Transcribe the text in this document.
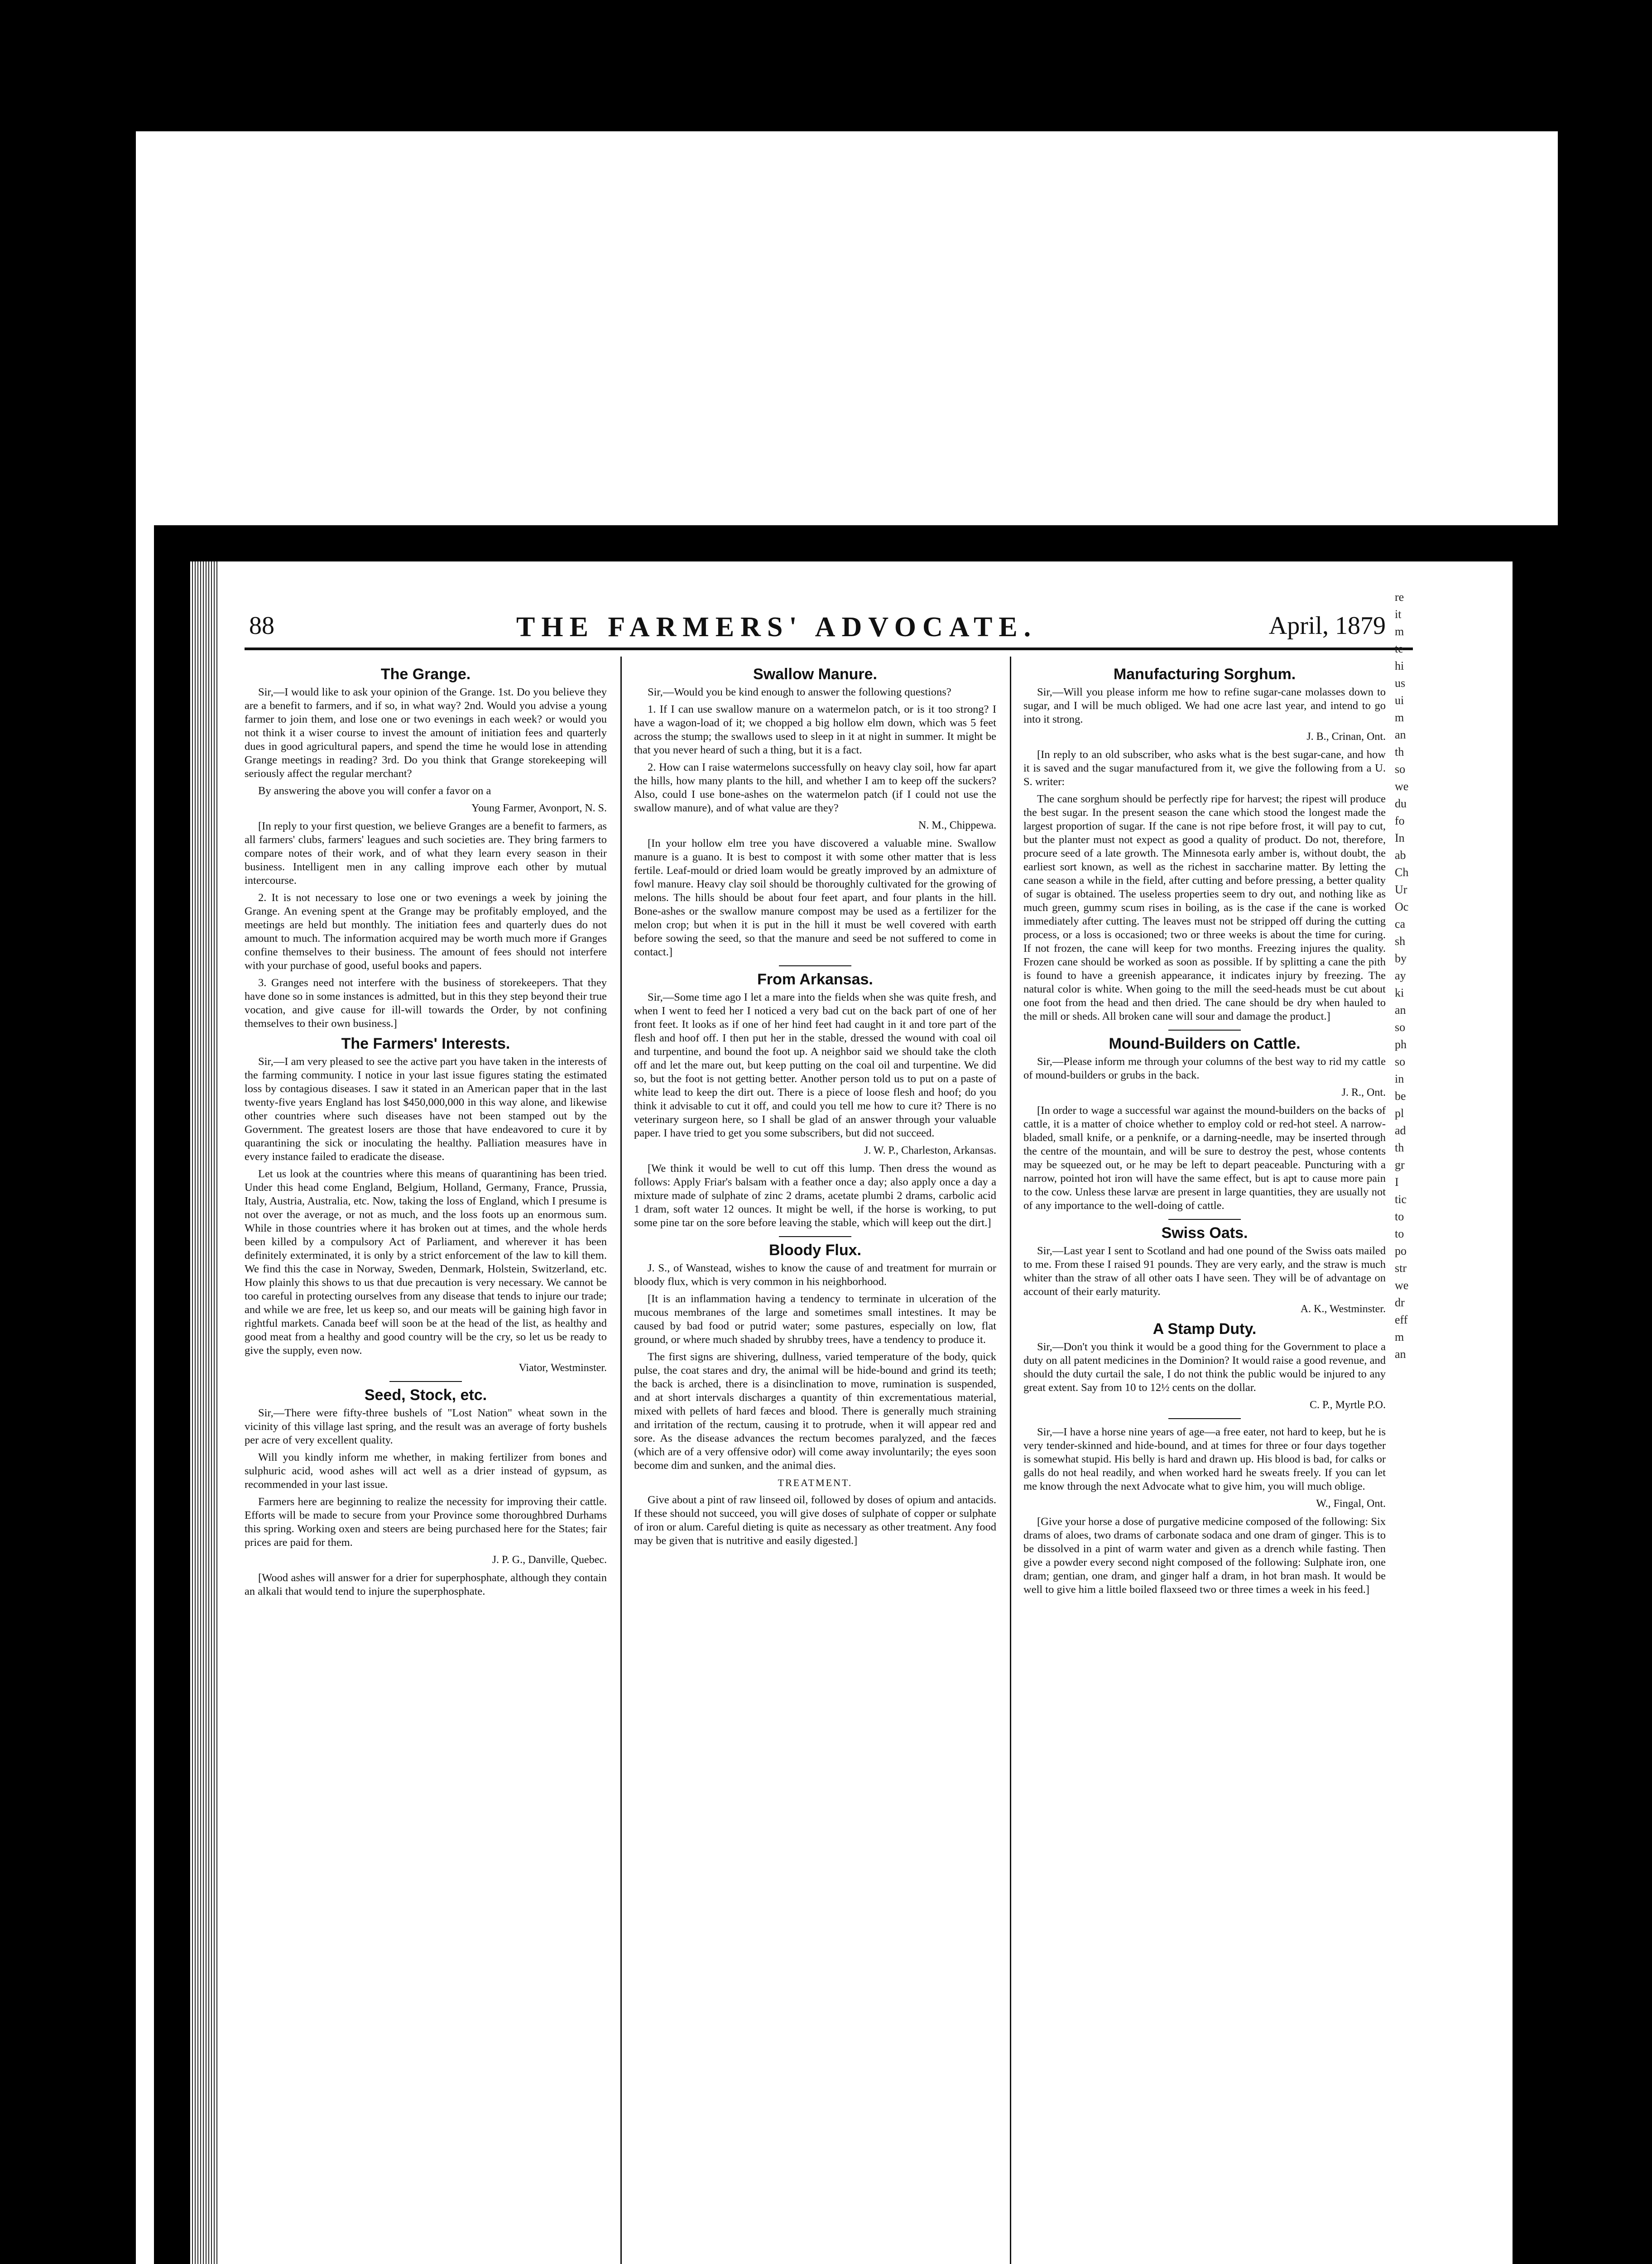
88	THE FARMERS' ADVOCATE.	April, 1879
The Grange.

Sir,—I would like to ask your opinion of the Grange. 1st. Do you believe they are a benefit to farmers, and if so, in what way? 2nd. Would you advise a young farmer to join them, and lose one or two evenings in each week? or would you not think it a wiser course to invest the amount of initiation fees and quarterly dues in good agricultural papers, and spend the time he would lose in attending Grange meetings in reading? 3rd. Do you think that Grange storekeeping will seriously affect the regular merchant?

By answering the above you will confer a favor on a

Young Farmer, Avonport, N. S.

[In reply to your first question, we believe Granges are a benefit to farmers, as all farmers' clubs, farmers' leagues and such societies are. They bring farmers to compare notes of their work, and of what they learn every season in their business. Intelligent men in any calling improve each other by mutual intercourse.

2. It is not necessary to lose one or two evenings a week by joining the Grange. An evening spent at the Grange may be profitably employed, and the meetings are held but monthly. The initiation fees and quarterly dues do not amount to much. The information acquired may be worth much more if Granges confine themselves to their business. The amount of fees should not interfere with your purchase of good, useful books and papers.

3. Granges need not interfere with the business of storekeepers. That they have done so in some instances is admitted, but in this they step beyond their true vocation, and give cause for ill-will towards the Order, by not confining themselves to their own business.]

The Farmers' Interests.

Sir,—I am very pleased to see the active part you have taken in the interests of the farming community. I notice in your last issue figures stating the estimated loss by contagious diseases. I saw it stated in an American paper that in the last twenty-five years England has lost $450,000,000 in this way alone, and likewise other countries where such diseases have not been stamped out by the Government. The greatest losers are those that have endeavored to cure it by quarantining the sick or inoculating the healthy. Palliation measures have in every instance failed to eradicate the disease.

Let us look at the countries where this means of quarantining has been tried. Under this head come England, Belgium, Holland, Germany, France, Prussia, Italy, Austria, Australia, etc. Now, taking the loss of England, which I presume is not over the average, or not as much, and the loss foots up an enormous sum. While in those countries where it has broken out at times, and the whole herds been killed by a compulsory Act of Parliament, and wherever it has been definitely exterminated, it is only by a strict enforcement of the law to kill them. We find this the case in Norway, Sweden, Denmark, Holstein, Switzerland, etc. How plainly this shows to us that due precaution is very necessary. We cannot be too careful in protecting ourselves from any disease that tends to injure our trade; and while we are free, let us keep so, and our meats will be gaining high favor in rightful markets. Canada beef will soon be at the head of the list, as healthy and good meat from a healthy and good country will be the cry, so let us be ready to give the supply, even now.

Viator, Westminster.
Seed, Stock, etc.

Sir,—There were fifty-three bushels of "Lost Nation" wheat sown in the vicinity of this village last spring, and the result was an average of forty bushels per acre of very excellent quality.

Will you kindly inform me whether, in making fertilizer from bones and sulphuric acid, wood ashes will act well as a drier instead of gypsum, as recommended in your last issue.

Farmers here are beginning to realize the necessity for improving their cattle. Efforts will be made to secure from your Province some thoroughbred Durhams this spring. Working oxen and steers are being purchased here for the States; fair prices are paid for them.

J. P. G., Danville, Quebec.

[Wood ashes will answer for a drier for superphosphate, although they contain an alkali that would tend to injure the superphosphate.

Swallow Manure.

Sir,—Would you be kind enough to answer the following questions?

1. If I can use swallow manure on a watermelon patch, or is it too strong? I have a wagon-load of it; we chopped a big hollow elm down, which was 5 feet across the stump; the swallows used to sleep in it at night in summer. It might be that you never heard of such a thing, but it is a fact.

2. How can I raise watermelons successfully on heavy clay soil, how far apart the hills, how many plants to the hill, and whether I am to keep off the suckers? Also, could I use bone-ashes on the watermelon patch (if I could not use the swallow manure), and of what value are they?

N. M., Chippewa.

[In your hollow elm tree you have discovered a valuable mine. Swallow manure is a guano. It is best to compost it with some other matter that is less fertile. Leaf-mould or dried loam would be greatly improved by an admixture of fowl manure. Heavy clay soil should be thoroughly cultivated for the growing of melons. The hills should be about four feet apart, and four plants in the hill. Bone-ashes or the swallow manure compost may be used as a fertilizer for the melon crop; but when it is put in the hill it must be well covered with earth before sowing the seed, so that the manure and seed be not suffered to come in contact.]

From Arkansas.

Sir,—Some time ago I let a mare into the fields when she was quite fresh, and when I went to feed her I noticed a very bad cut on the back part of one of her front feet. It looks as if one of her hind feet had caught in it and tore part of the flesh and hoof off. I then put her in the stable, dressed the wound with coal oil and turpentine, and bound the foot up. A neighbor said we should take the cloth off and let the mare out, but keep putting on the coal oil and turpentine. We did so, but the foot is not getting better. Another person told us to put on a paste of white lead to keep the dirt out. There is a piece of loose flesh and hoof; do you think it advisable to cut it off, and could you tell me how to cure it? There is no veterinary surgeon here, so I shall be glad of an answer through your valuable paper. I have tried to get you some subscribers, but did not succeed.

J. W. P., Charleston, Arkansas.

[We think it would be well to cut off this lump. Then dress the wound as follows: Apply Friar's balsam with a feather once a day; also apply once a day a mixture made of sulphate of zinc 2 drams, acetate plumbi 2 drams, carbolic acid 1 dram, soft water 12 ounces. It might be well, if the horse is working, to put some pine tar on the sore before leaving the stable, which will keep out the dirt.]

Bloody Flux.

J. S., of Wanstead, wishes to know the cause of and treatment for murrain or bloody flux, which is very common in his neighborhood.

[It is an inflammation having a tendency to terminate in ulceration of the mucous membranes of the large and sometimes small intestines. It may be caused by bad food or putrid water; some pastures, especially on low, flat ground, or where much shaded by shrubby trees, have a tendency to produce it.

The first signs are shivering, dullness, varied temperature of the body, quick pulse, the coat stares and dry, the animal will be hide-bound and grind its teeth; the back is arched, there is a disinclination to move, rumination is suspended, and at short intervals discharges a quantity of thin excrementatious material, mixed with pellets of hard fæces and blood. There is generally much straining and irritation of the rectum, causing it to protrude, when it will appear red and sore. As the disease advances the rectum becomes paralyzed, and the fæces (which are of a very offensive odor) will come away involuntarily; the eyes soon become dim and sunken, and the animal dies.

TREATMENT.

Give about a pint of raw linseed oil, followed by doses of opium and antacids. If these should not succeed, you will give doses of sulphate of copper or sulphate of iron or alum. Careful dieting is quite as necessary as other treatment. Any food may be given that is nutritive and easily digested.]

Manufacturing Sorghum.

Sir,—Will you please inform me how to refine sugar-cane molasses down to sugar, and I will be much obliged. We had one acre last year, and intend to go into it strong.

J. B., Crinan, Ont.

[In reply to an old subscriber, who asks what is the best sugar-cane, and how it is saved and the sugar manufactured from it, we give the following from a U. S. writer:

The cane sorghum should be perfectly ripe for harvest; the ripest will produce the best sugar. In the present season the cane which stood the longest made the largest proportion of sugar. If the cane is not ripe before frost, it will pay to cut, but the planter must not expect as good a quality of product. Do not, therefore, procure seed of a late growth. The Minnesota early amber is, without doubt, the earliest sort known, as well as the richest in saccharine matter. By letting the cane season a while in the field, after cutting and before pressing, a better quality of sugar is obtained. The useless properties seem to dry out, and nothing like as much green, gummy scum rises in boiling, as is the case if the cane is worked immediately after cutting. The leaves must not be stripped off during the cutting process, or a loss is occasioned; two or three weeks is about the time for curing. If not frozen, the cane will keep for two months. Freezing injures the quality. Frozen cane should be worked as soon as possible. If by splitting a cane the pith is found to have a greenish appearance, it indicates injury by freezing. The natural color is white. When going to the mill the seed-heads must be cut about one foot from the head and then dried. The cane should be dry when hauled to the mill or sheds. All broken cane will sour and damage the product.]

Mound-Builders on Cattle.

Sir,—Please inform me through your columns of the best way to rid my cattle of mound-builders or grubs in the back.

J. R., Ont.

[In order to wage a successful war against the mound-builders on the backs of cattle, it is a matter of choice whether to employ cold or red-hot steel. A narrow-bladed, small knife, or a penknife, or a darning-needle, may be inserted through the centre of the mountain, and will be sure to destroy the pest, whose contents may be squeezed out, or he may be left to depart peaceable. Puncturing with a narrow, pointed hot iron will have the same effect, but is apt to cause more pain to the cow. Unless these larvæ are present in large quantities, they are usually not of any importance to the well-doing of cattle.

Swiss Oats.

Sir,—Last year I sent to Scotland and had one pound of the Swiss oats mailed to me. From these I raised 91 pounds. They are very early, and the straw is much whiter than the straw of all other oats I have seen. They will be of advantage on account of their early maturity.

A. K., Westminster.
A Stamp Duty.

Sir,—Don't you think it would be a good thing for the Government to place a duty on all patent medicines in the Dominion? It would raise a good revenue, and should the duty curtail the sale, I do not think the public would be injured to any great extent. Say from 10 to 12½ cents on the dollar.

C. P., Myrtle P.O.

Sir,—I have a horse nine years of age—a free eater, not hard to keep, but he is very tender-skinned and hide-bound, and at times for three or four days together is somewhat stupid. His belly is hard and drawn up. His blood is bad, for calks or galls do not heal readily, and when worked hard he sweats freely. If you can let me know through the next Advocate what to give him, you will much oblige.

W., Fingal, Ont.

[Give your horse a dose of purgative medicine composed of the following: Six drams of aloes, two drams of carbonate sodaca and one dram of ginger. This is to be dissolved in a pint of warm water and given as a drench while fasting. Then give a powder every second night composed of the following: Sulphate iron, one dram; gentian, one dram, and ginger half a dram, in hot bran mash. It would be well to give him a little boiled flaxseed two or three times a week in his feed.]

re
it
m
te
hi
us
ui
m
an
th
so
we
du
fo
In
ab
Ch
Ur
Oc
ca
sh
by
ay
ki
an
so
ph
so
in
be
pl
ad
th
gr
I
tic
to
to
po
str
we
dr
eff
m
an
